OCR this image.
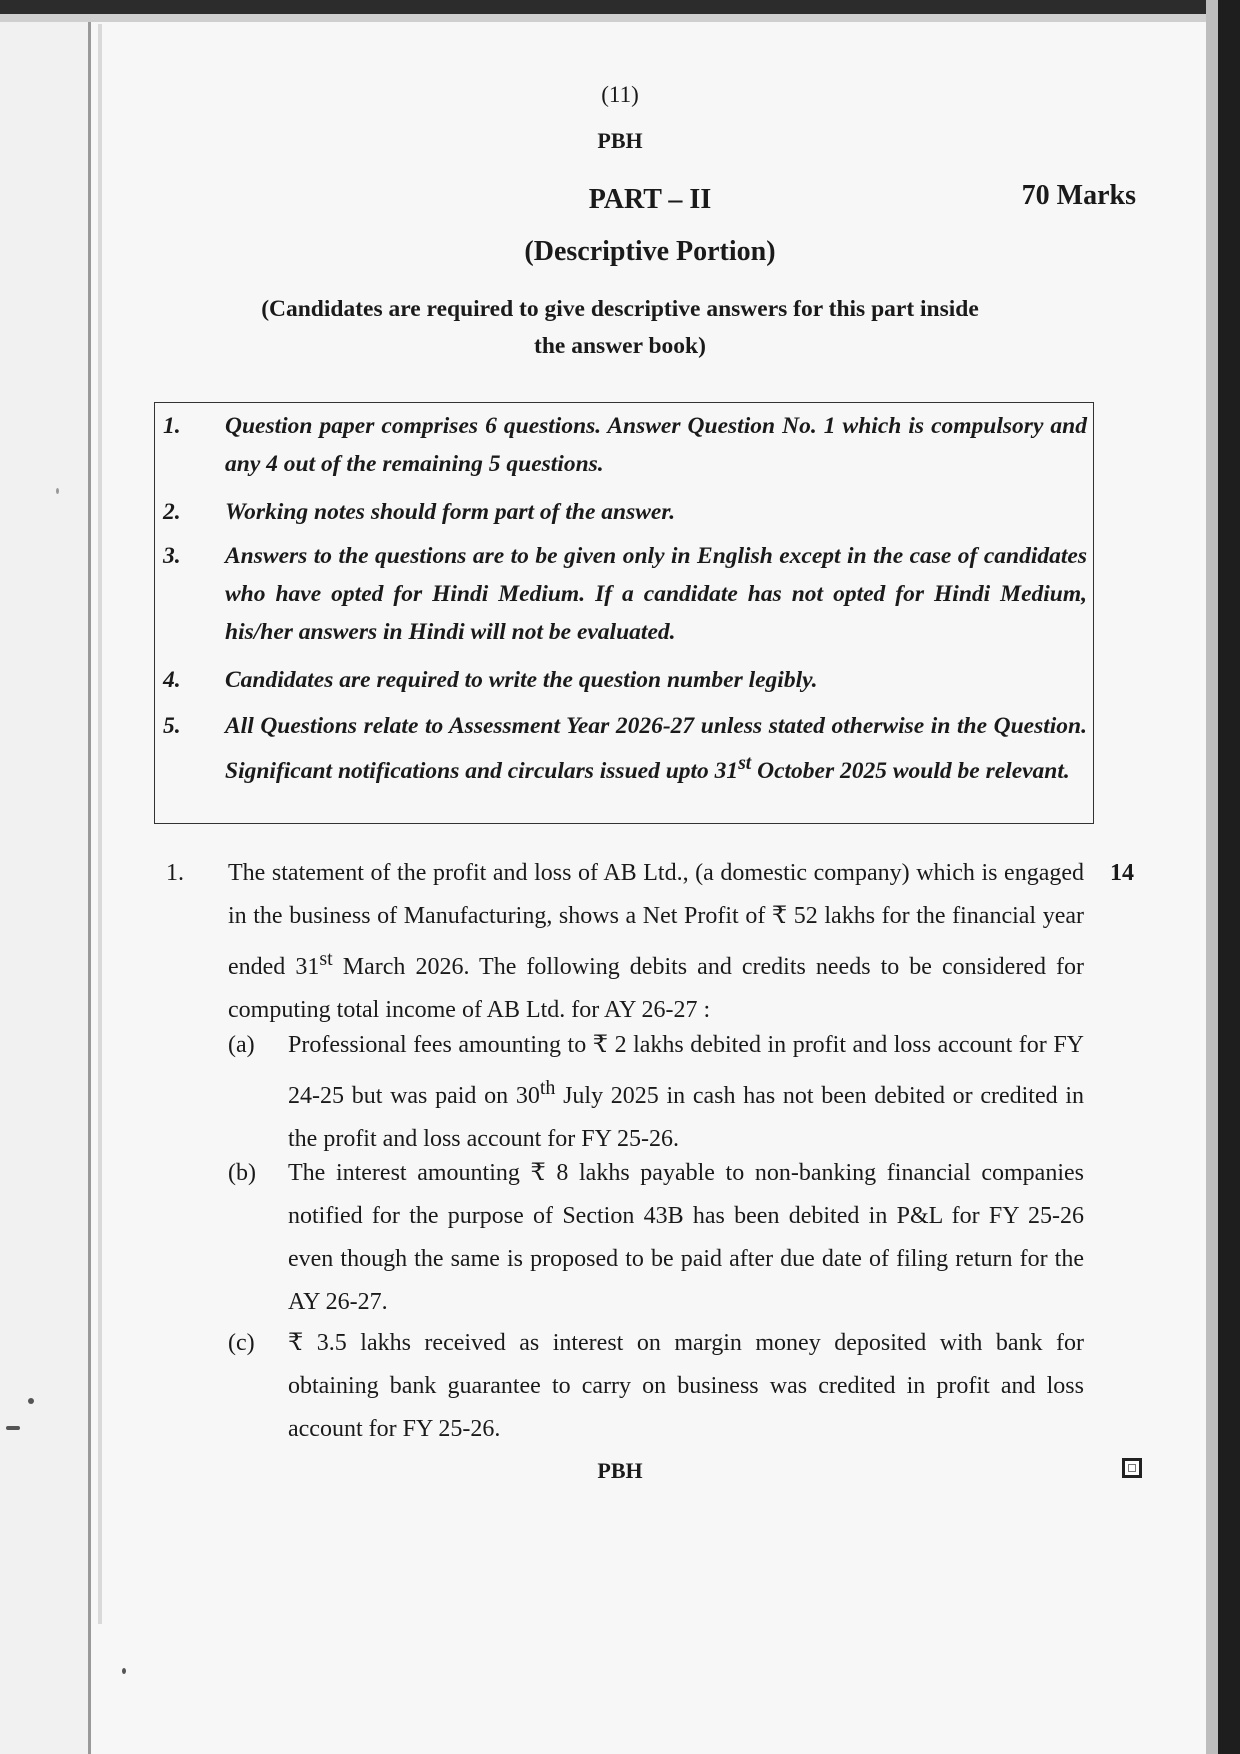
(11)
PBH
PART – II	70 Marks
(Descriptive Portion)
(Candidates are required to give descriptive answers for this part inside
the answer book)
1.	Question paper comprises 6 questions. Answer Question No. 1 which is compulsory and any 4 out of the remaining 5 questions.
2.	Working notes should form part of the answer.
3.	Answers to the questions are to be given only in English except in the case of candidates who have opted for Hindi Medium. If a candidate has not opted for Hindi Medium, his/her answers in Hindi will not be evaluated.
4.	Candidates are required to write the question number legibly.
5.	All Questions relate to Assessment Year 2026-27 unless stated otherwise in the Question. Significant notifications and circulars issued upto 31st October 2025 would be relevant.
1.	14
The statement of the profit and loss of AB Ltd., (a domestic company) which is engaged in the business of Manufacturing, shows a Net Profit of ₹ 52 lakhs for the financial year ended 31st March 2026. The following debits and credits needs to be considered for computing total income of AB Ltd. for AY 26-27 :
(a) Professional fees amounting to ₹ 2 lakhs debited in profit and loss account for FY 24-25 but was paid on 30th July 2025 in cash has not been debited or credited in the profit and loss account for FY 25-26.
(b) The interest amounting ₹ 8 lakhs payable to non-banking financial companies notified for the purpose of Section 43B has been debited in P&L for FY 25-26 even though the same is proposed to be paid after due date of filing return for the AY 26-27.
(c) ₹ 3.5 lakhs received as interest on margin money deposited with bank for obtaining bank guarantee to carry on business was credited in profit and loss account for FY 25-26.
PBH
